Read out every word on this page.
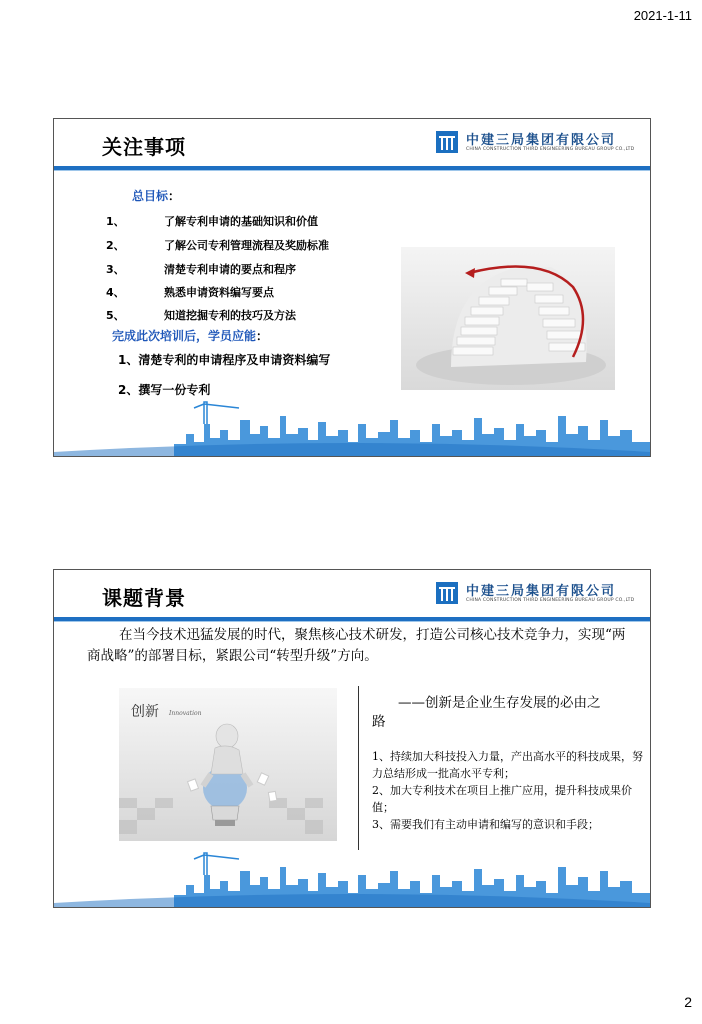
2021-1-11
关注事项	中建三局集团有限公司
CHINA CONSTRUCTION THIRD ENGINEERING BUREAU GROUP CO.,LTD
总目标：
1、	了解专利申请的基础知识和价值
2、	了解公司专利管理流程及奖励标准
3、	清楚专利申请的要点和程序
4、	熟悉申请资料编写要点
5、	知道挖掘专利的技巧及方法
完成此次培训后，学员应能：
1、清楚专利的申请程序及申请资料编写
2、撰写一份专利
课题背景	中建三局集团有限公司
CHINA CONSTRUCTION THIRD ENGINEERING BUREAU GROUP CO.,LTD
在当今技术迅猛发展的时代，聚焦核心技术研发，打造公司核心技术竞争力，实现“两商战略”的部署目标，紧跟公司“转型升级”方向。
创新 Innovation
——创新是企业生存发展的必由之路
1、持续加大科技投入力量，产出高水平的科技成果，努力总结形成一批高水平专利；
2、加大专利技术在项目上推广应用，提升科技成果价值；
3、需要我们有主动申请和编写的意识和手段；
2
